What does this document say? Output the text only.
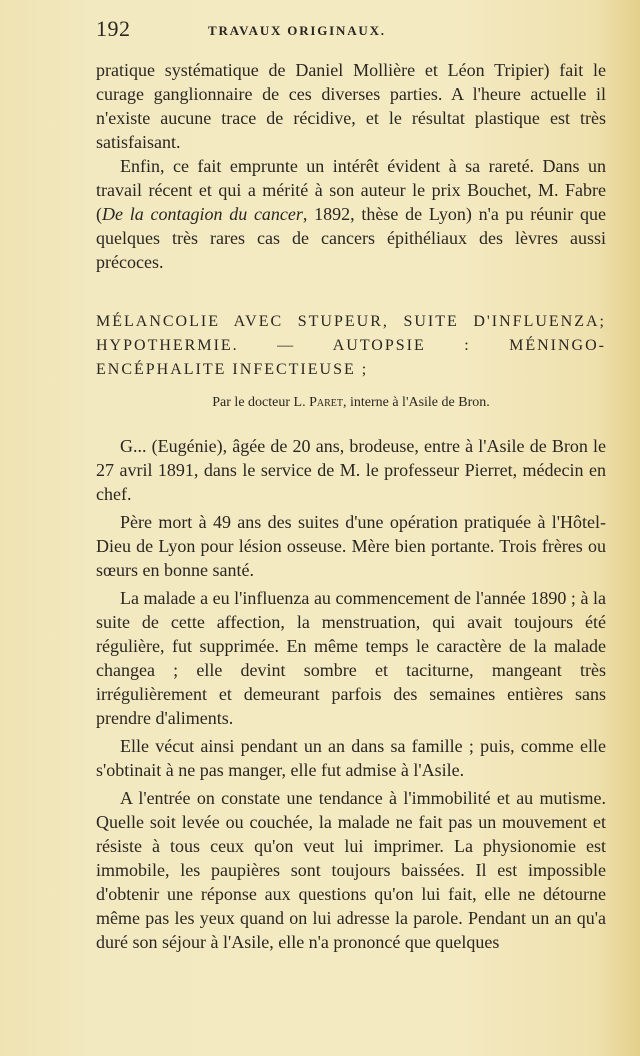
192	TRAVAUX ORIGINAUX.

pratique systématique de Daniel Mollière et Léon Tripier) fait le curage ganglionnaire de ces diverses parties. A l'heure actuelle il n'existe aucune trace de récidive, et le résultat plastique est très satisfaisant.

Enfin, ce fait emprunte un intérêt évident à sa rareté. Dans un travail récent et qui a mérité à son auteur le prix Bouchet, M. Fabre (De la contagion du cancer, 1892, thèse de Lyon) n'a pu réunir que quelques très rares cas de cancers épithéliaux des lèvres aussi précoces.

MÉLANCOLIE AVEC STUPEUR, SUITE D'INFLUENZA; HYPOTHERMIE. — AUTOPSIE : MÉNINGO-ENCÉPHALITE INFECTIEUSE ;
Par le docteur L. Paret, interne à l'Asile de Bron.

G... (Eugénie), âgée de 20 ans, brodeuse, entre à l'Asile de Bron le 27 avril 1891, dans le service de M. le professeur Pierret, médecin en chef.

Père mort à 49 ans des suites d'une opération pratiquée à l'Hôtel-Dieu de Lyon pour lésion osseuse. Mère bien portante. Trois frères ou sœurs en bonne santé.

La malade a eu l'influenza au commencement de l'année 1890 ; à la suite de cette affection, la menstruation, qui avait toujours été régulière, fut supprimée. En même temps le caractère de la malade changea ; elle devint sombre et taciturne, mangeant très irrégulièrement et demeurant parfois des semaines entières sans prendre d'aliments.

Elle vécut ainsi pendant un an dans sa famille ; puis, comme elle s'obtinait à ne pas manger, elle fut admise à l'Asile.

A l'entrée on constate une tendance à l'immobilité et au mutisme. Quelle soit levée ou couchée, la malade ne fait pas un mouvement et résiste à tous ceux qu'on veut lui imprimer. La physionomie est immobile, les paupières sont toujours baissées. Il est impossible d'obtenir une réponse aux questions qu'on lui fait, elle ne détourne même pas les yeux quand on lui adresse la parole. Pendant un an qu'a duré son séjour à l'Asile, elle n'a prononcé que quelques
